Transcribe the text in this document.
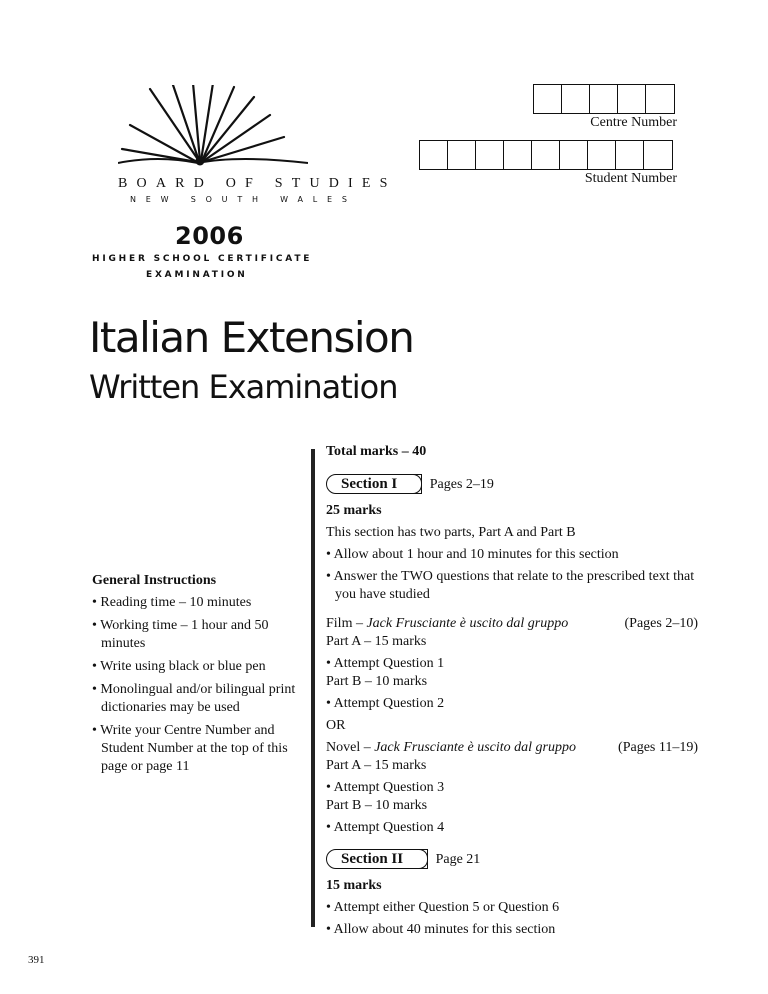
BOARD OF STUDIES
NEW SOUTH WALES
2006
HIGHER SCHOOL CERTIFICATE
EXAMINATION
Centre Number
Student Number
Italian Extension
Written Examination
General Instructions
• Reading time – 10 minutes
• Working time – 1 hour and 50 minutes
• Write using black or blue pen
• Monolingual and/or bilingual print dictionaries may be used
• Write your Centre Number and Student Number at the top of this page or page 11

Total marks – 40

Section I Pages 2–19

25 marks

This section has two parts, Part A and Part B

• Allow about 1 hour and 10 minutes for this section

• Answer the TWO questions that relate to the prescribed text that you have studied

Film – Jack Frusciante è uscito dal gruppo	(Pages 2–10)

Part A – 15 marks

• Attempt Question 1

Part B – 10 marks

• Attempt Question 2

OR

Novel – Jack Frusciante è uscito dal gruppo	(Pages 11–19)

Part A – 15 marks

• Attempt Question 3

Part B – 10 marks

• Attempt Question 4

Section II Page 21

15 marks

• Attempt either Question 5 or Question 6

• Allow about 40 minutes for this section

391
